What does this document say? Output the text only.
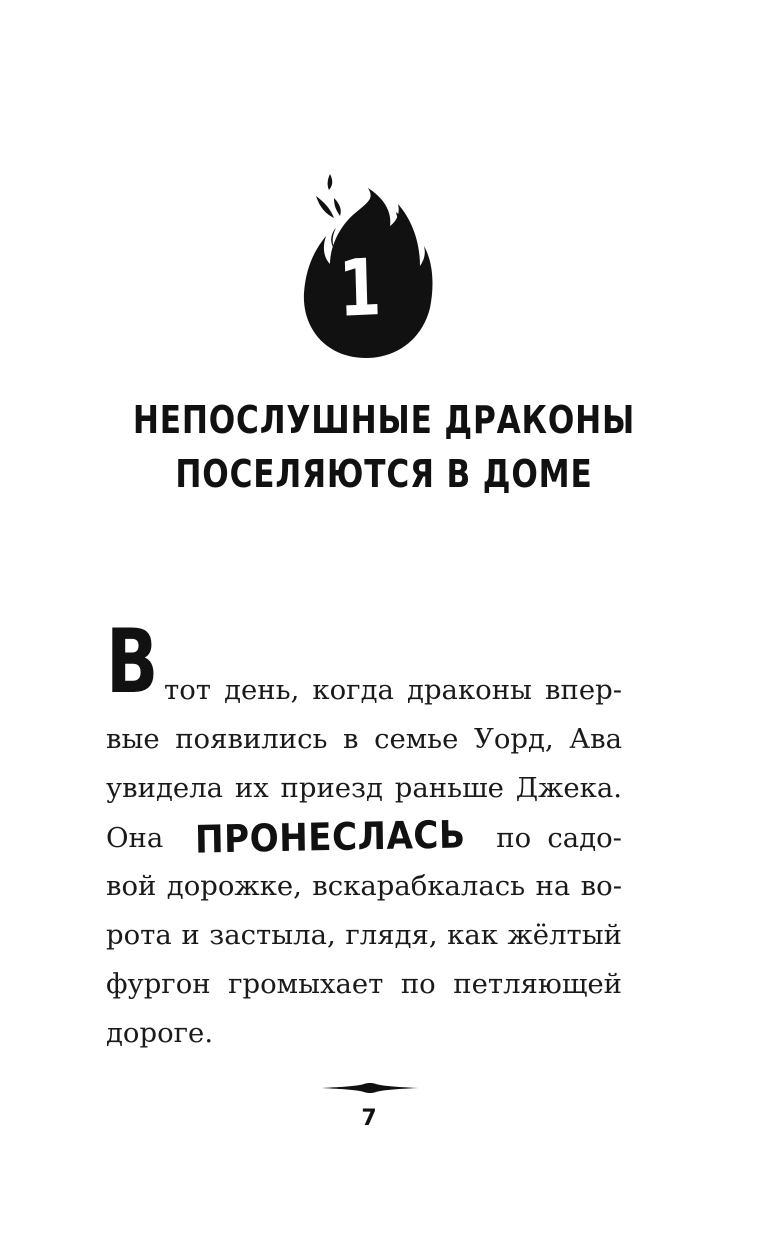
1
НЕПОСЛУШНЫЕ ДРАКОНЫ
ПОСЕЛЯЮТСЯ В ДОМЕ
В тот день, когда драконы впер-
вые появились в семье Уорд, Ава
увидела их приезд раньше Джека.
Она ПРОНЕСЛАСЬ по садо-
вой дорожке, вскарабкалась на во-
рота и застыла, глядя, как жёлтый
фургон громыхает по петляющей
дороге.
7
